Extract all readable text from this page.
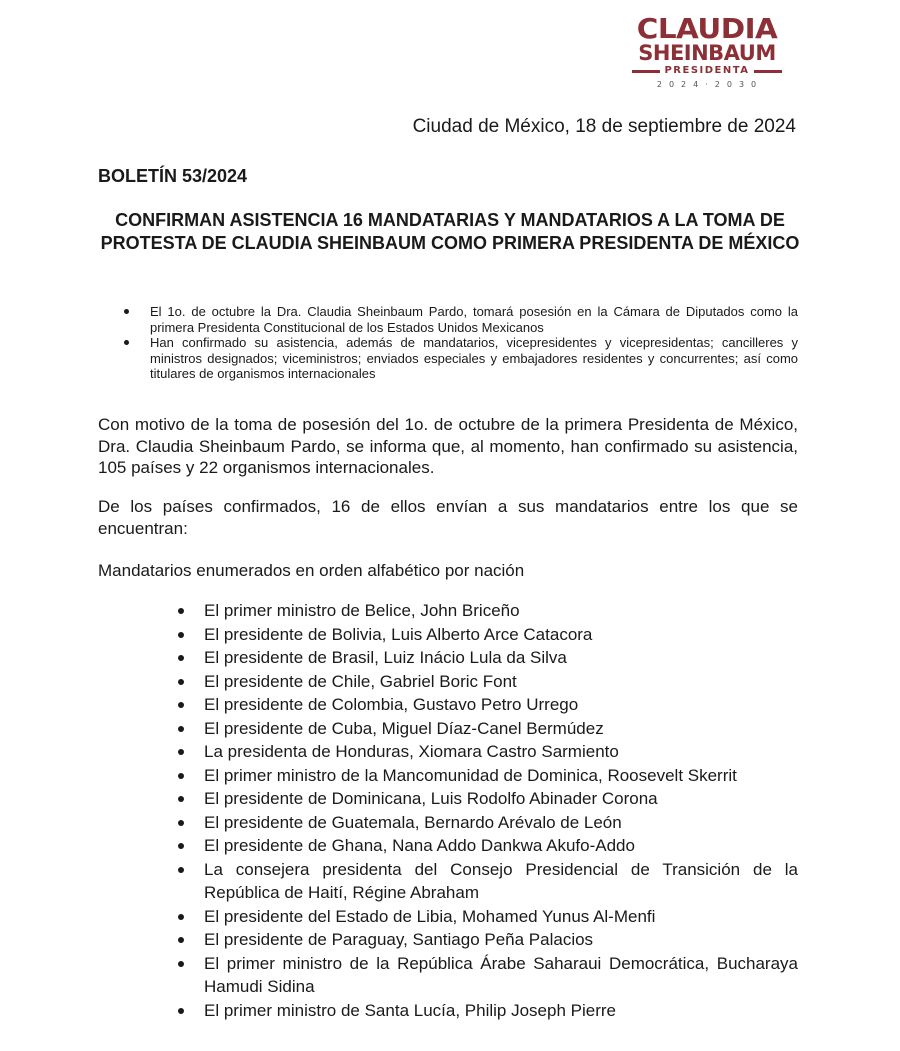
CLAUDIA
SHEINBAUM
PRESIDENTA
2024·2030
Ciudad de México, 18 de septiembre de 2024
BOLETÍN 53/2024
CONFIRMAN ASISTENCIA 16 MANDATARIAS Y MANDATARIOS A LA TOMA DE PROTESTA DE CLAUDIA SHEINBAUM COMO PRIMERA PRESIDENTA DE MÉXICO
El 1o. de octubre la Dra. Claudia Sheinbaum Pardo, tomará posesión en la Cámara de Diputados como la primera Presidenta Constitucional de los Estados Unidos Mexicanos
Han confirmado su asistencia, además de mandatarios, vicepresidentes y vicepresidentas; cancilleres y ministros designados; viceministros; enviados especiales y embajadores residentes y concurrentes; así como titulares de organismos internacionales

Con motivo de la toma de posesión del 1o. de octubre de la primera Presidenta de México, Dra. Claudia Sheinbaum Pardo, se informa que, al momento, han confirmado su asistencia, 105 países y 22 organismos internacionales.

De los países confirmados, 16 de ellos envían a sus mandatarios entre los que se encuentran:

Mandatarios enumerados en orden alfabético por nación

El primer ministro de Belice, John Briceño
El presidente de Bolivia, Luis Alberto Arce Catacora
El presidente de Brasil, Luiz Inácio Lula da Silva
El presidente de Chile, Gabriel Boric Font
El presidente de Colombia, Gustavo Petro Urrego
El presidente de Cuba, Miguel Díaz-Canel Bermúdez
La presidenta de Honduras, Xiomara Castro Sarmiento
El primer ministro de la Mancomunidad de Dominica, Roosevelt Skerrit
El presidente de Dominicana, Luis Rodolfo Abinader Corona
El presidente de Guatemala, Bernardo Arévalo de León
El presidente de Ghana, Nana Addo Dankwa Akufo-Addo
La consejera presidenta del Consejo Presidencial de Transición de la República de Haití, Régine Abraham
El presidente del Estado de Libia, Mohamed Yunus Al-Menfi
El presidente de Paraguay, Santiago Peña Palacios
El primer ministro de la República Árabe Saharaui Democrática, Bucharaya Hamudi Sidina
El primer ministro de Santa Lucía, Philip Joseph Pierre
